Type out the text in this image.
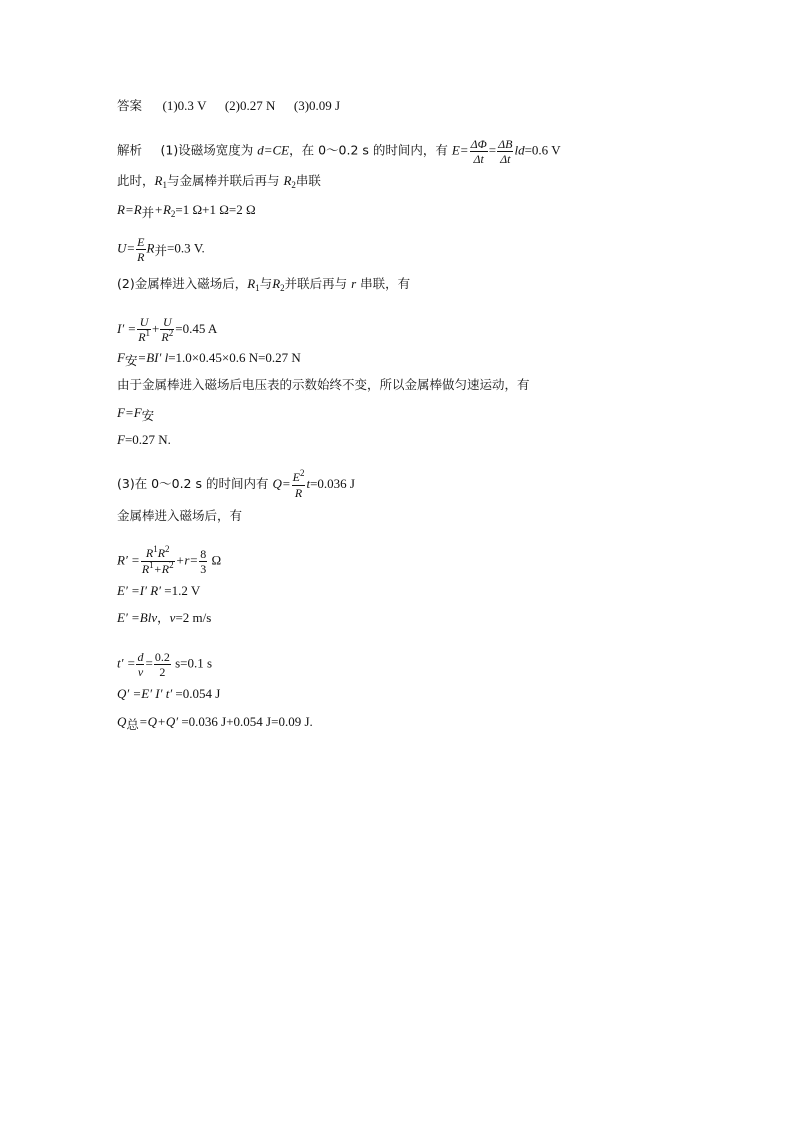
答案 (1)0.3 V (2)0.27 N (3)0.09 J
解析 (1)设磁场宽度为 d=CE，在 0～0.2 s 的时间内，有 $E= \frac{\Delta\Phi}{\Delta t} = \frac{\Delta B}{\Delta t} ld=0.6$ V
此时，$R_1$与金属棒并联后再与 $R_2$串联
R=R并$+R_2=1$ Ω+1 Ω=2 Ω
$U= \frac{E}{R}$ R并=0.3 V.
(2)金属棒进入磁场后，$R_1$与$R_2$并联后再与 r 串联，有
$I' = \frac{U}{R^1} + \frac{U}{R^2} =0.45$ A
F安=BI′ l=1.0×0.45×0.6 N=0.27 N
由于金属棒进入磁场后电压表的示数始终不变，所以金属棒做匀速运动，有
F=F安
F=0.27 N.
(3)在 0～0.2 s 的时间内有 $Q= \frac{E^2}{R} t=0.036$ J
金属棒进入磁场后，有
$R' = \frac{R^1R^2}{R^1+R^2} +r= \frac{8}{3}$ Ω
E′ =I′ R′ =1.2 V
E′ =Blv，v=2 m/s
$t' = \frac{d}{v} = \frac{0.2}{2} s=0.1$ s
Q′ =E′ I′ t′ =0.054 J
Q总=Q+Q′ =0.036 J+0.054 J=0.09 J.
